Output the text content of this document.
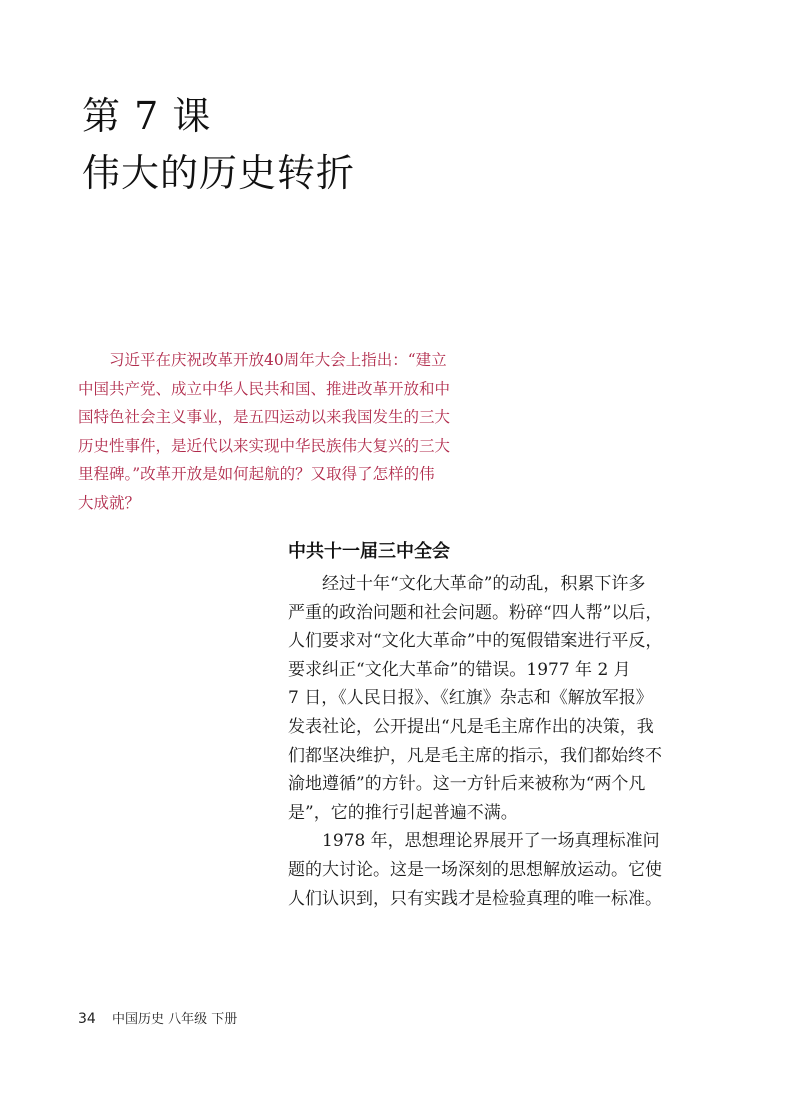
第 7 课
伟大的历史转折
　　习近平在庆祝改革开放40周年大会上指出：“建立
中国共产党、成立中华人民共和国、推进改革开放和中
国特色社会主义事业，是五四运动以来我国发生的三大
历史性事件，是近代以来实现中华民族伟大复兴的三大
里程碑。”改革开放是如何起航的？又取得了怎样的伟
大成就？
中共十一届三中全会
　　经过十年“文化大革命”的动乱，积累下许多
严重的政治问题和社会问题。粉碎“四人帮”以后，
人们要求对“文化大革命”中的冤假错案进行平反，
要求纠正“文化大革命”的错误。1977 年 2 月
7 日，《人民日报》、《红旗》杂志和《解放军报》
发表社论，公开提出“凡是毛主席作出的决策，我
们都坚决维护，凡是毛主席的指示，我们都始终不
渝地遵循”的方针。这一方针后来被称为“两个凡
是”，它的推行引起普遍不满。
　　1978 年，思想理论界展开了一场真理标准问
题的大讨论。这是一场深刻的思想解放运动。它使
人们认识到，只有实践才是检验真理的唯一标准。
34 中国历史 八年级 下册
